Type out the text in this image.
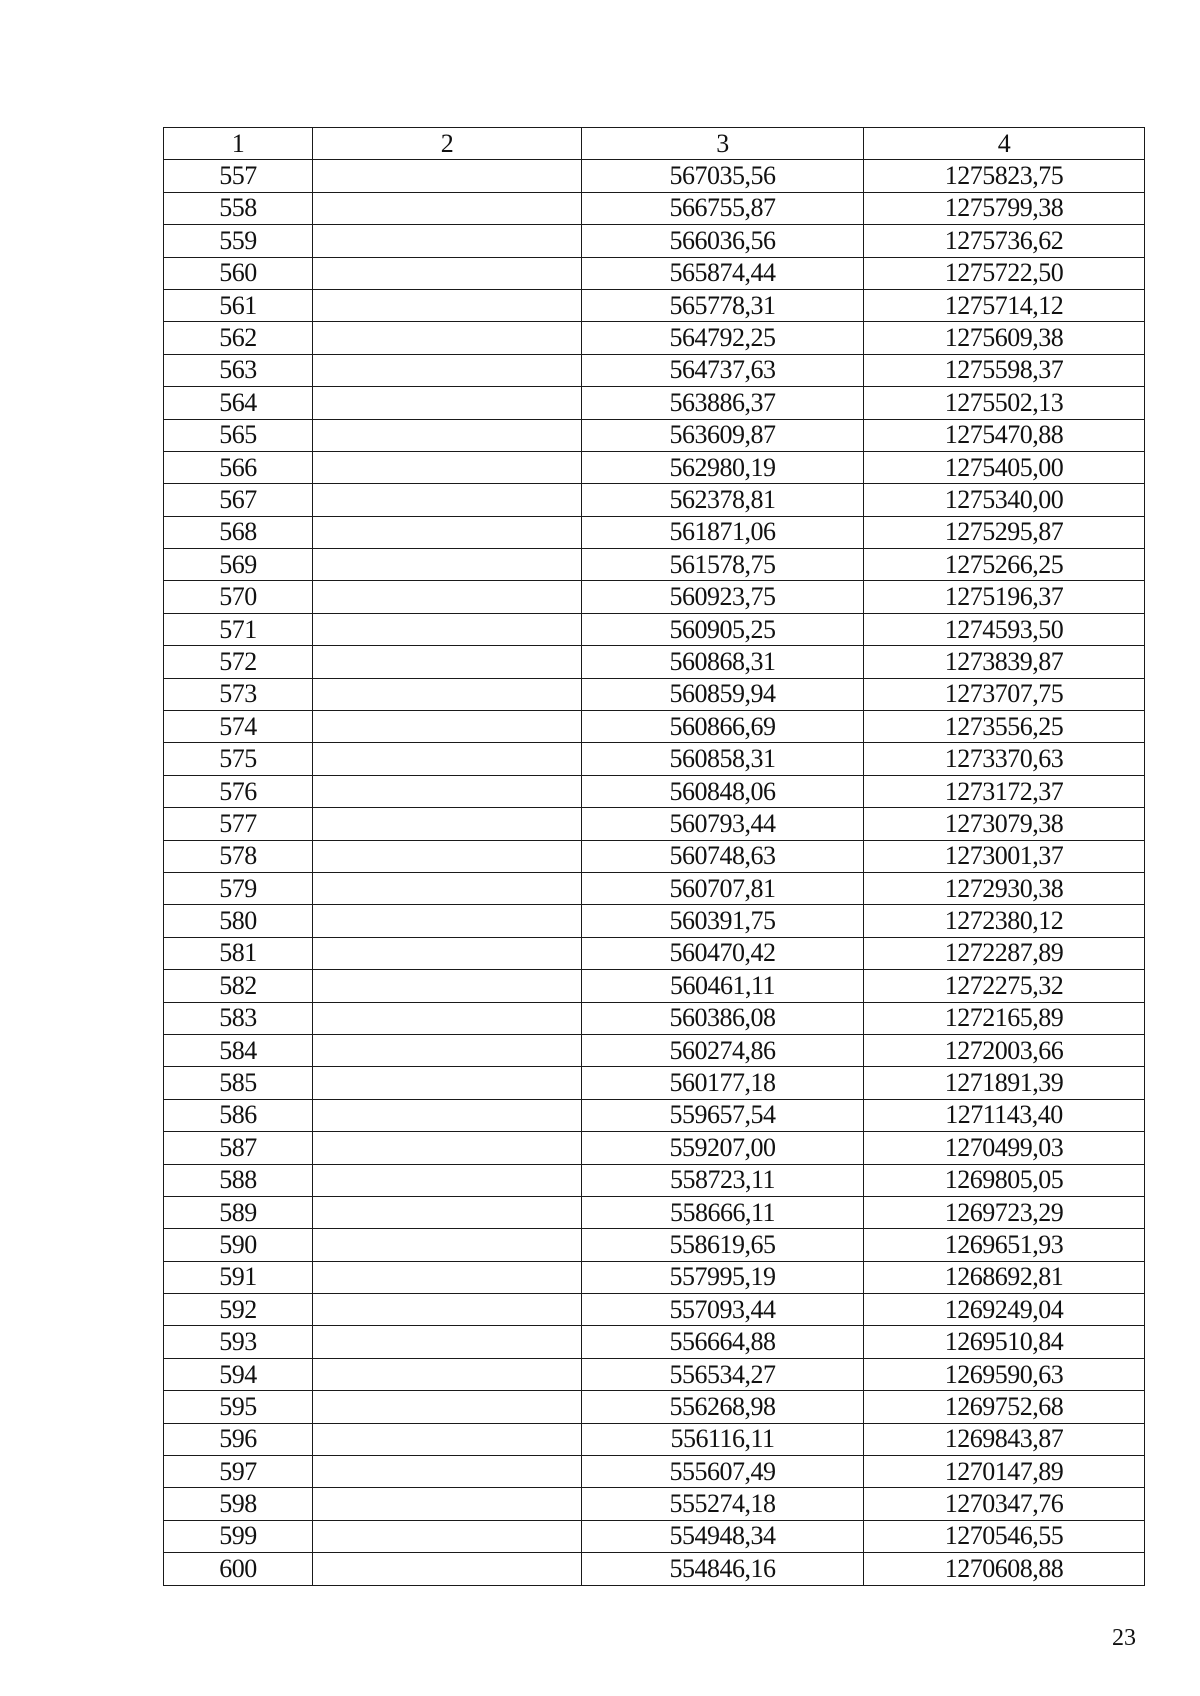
1	2	3	4
557		567035,56	1275823,75
558		566755,87	1275799,38
559		566036,56	1275736,62
560		565874,44	1275722,50
561		565778,31	1275714,12
562		564792,25	1275609,38
563		564737,63	1275598,37
564		563886,37	1275502,13
565		563609,87	1275470,88
566		562980,19	1275405,00
567		562378,81	1275340,00
568		561871,06	1275295,87
569		561578,75	1275266,25
570		560923,75	1275196,37
571		560905,25	1274593,50
572		560868,31	1273839,87
573		560859,94	1273707,75
574		560866,69	1273556,25
575		560858,31	1273370,63
576		560848,06	1273172,37
577		560793,44	1273079,38
578		560748,63	1273001,37
579		560707,81	1272930,38
580		560391,75	1272380,12
581		560470,42	1272287,89
582		560461,11	1272275,32
583		560386,08	1272165,89
584		560274,86	1272003,66
585		560177,18	1271891,39
586		559657,54	1271143,40
587		559207,00	1270499,03
588		558723,11	1269805,05
589		558666,11	1269723,29
590		558619,65	1269651,93
591		557995,19	1268692,81
592		557093,44	1269249,04
593		556664,88	1269510,84
594		556534,27	1269590,63
595		556268,98	1269752,68
596		556116,11	1269843,87
597		555607,49	1270147,89
598		555274,18	1270347,76
599		554948,34	1270546,55
600		554846,16	1270608,88
23
